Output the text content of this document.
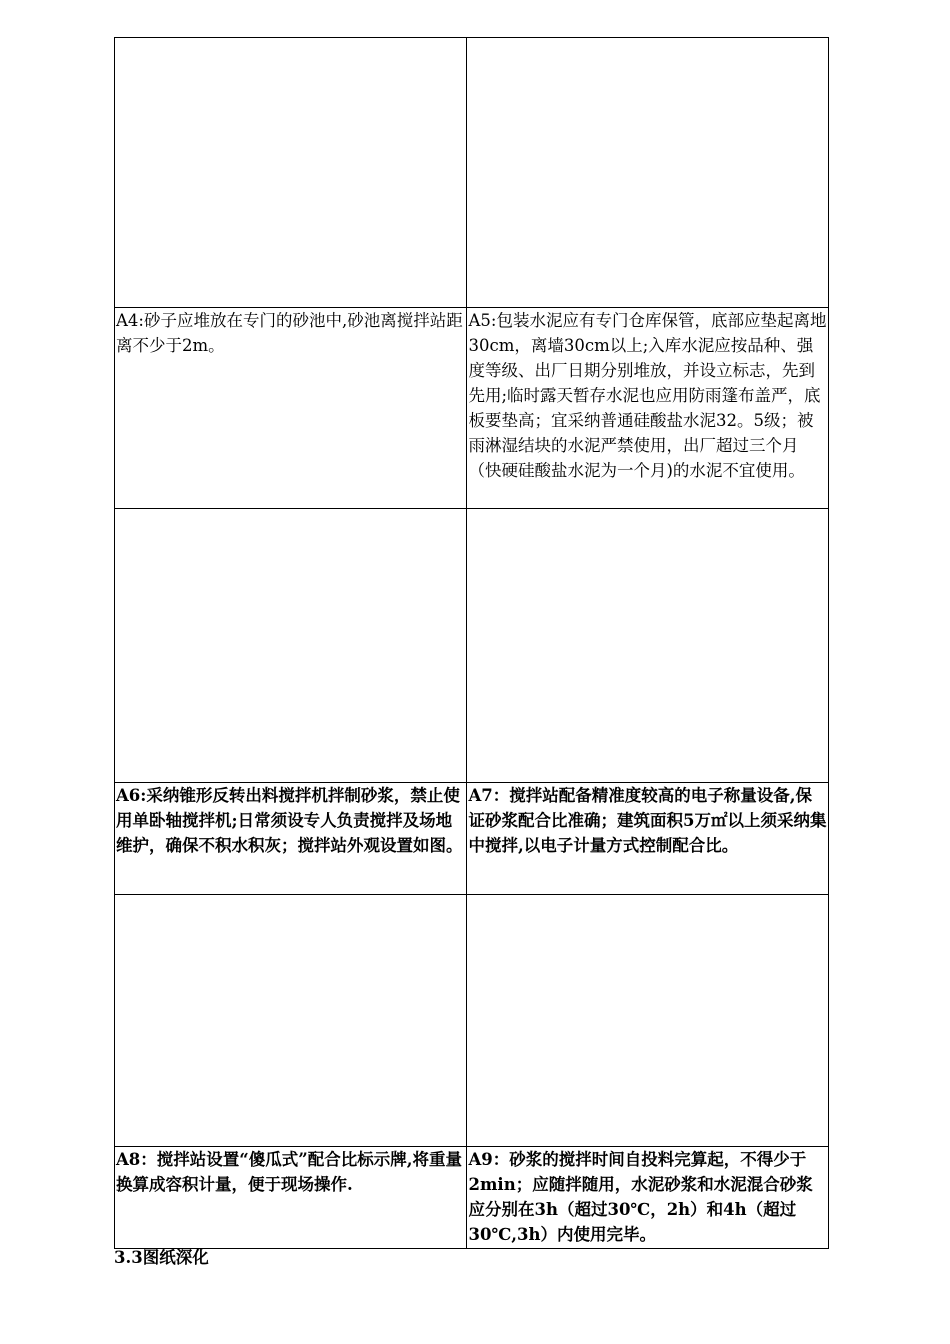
A4:砂子应堆放在专门的砂池中,砂池离搅拌站距离不少于2m。	A5:包装水泥应有专门仓库保管，底部应垫起离地30cm，离墙30cm以上;入库水泥应按品种、强度等级、出厂日期分别堆放，并设立标志，先到先用;临时露天暂存水泥也应用防雨篷布盖严，底板要垫高；宜采纳普通硅酸盐水泥32。5级；被雨淋湿结块的水泥严禁使用，出厂超过三个月（快硬硅酸盐水泥为一个月)的水泥不宜使用。

A6:采纳锥形反转出料搅拌机拌制砂浆，禁止使用单卧轴搅拌机;日常须设专人负责搅拌及场地维护，确保不积水积灰；搅拌站外观设置如图。	A7：搅拌站配备精准度较高的电子称量设备,保证砂浆配合比准确；建筑面积5万㎡以上须采纳集中搅拌,以电子计量方式控制配合比。

A8：搅拌站设置“傻瓜式”配合比标示牌,将重量换算成容积计量，便于现场操作.	A9：砂浆的搅拌时间自投料完算起，不得少于2min；应随拌随用，水泥砂浆和水泥混合砂浆应分别在3h（超过30℃，2h）和4h（超过30℃,3h）内使用完毕。
3.3图纸深化
